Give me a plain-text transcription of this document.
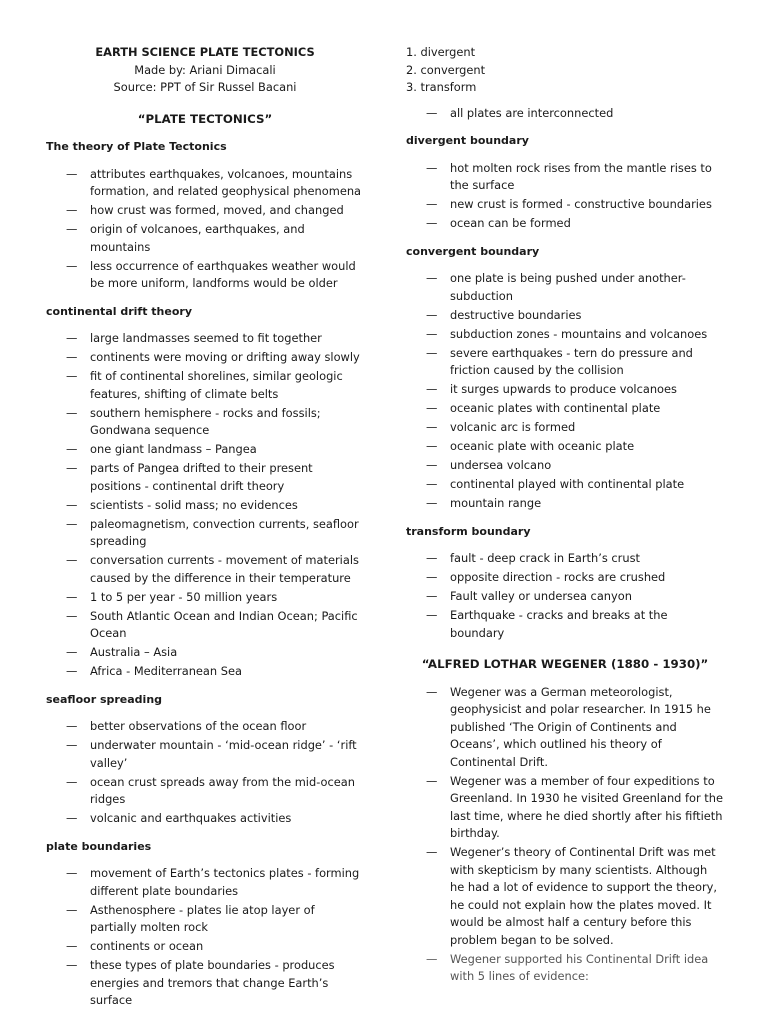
EARTH SCIENCE PLATE TECTONICS
Made by: Ariani Dimacali
Source: PPT of Sir Russel Bacani
“PLATE TECTONICS”
The theory of Plate Tectonics
— attributes earthquakes, volcanoes, mountains formation, and related geophysical phenomena
— how crust was formed, moved, and changed
— origin of volcanoes, earthquakes, and mountains
— less occurrence of earthquakes weather would be more uniform, landforms would be older
continental drift theory
— large landmasses seemed to fit together
— continents were moving or drifting away slowly
— fit of continental shorelines, similar geologic features, shifting of climate belts
— southern hemisphere - rocks and fossils; Gondwana sequence
— one giant landmass – Pangea
— parts of Pangea drifted to their present positions - continental drift theory
— scientists - solid mass; no evidences
— paleomagnetism, convection currents, seafloor spreading
— conversation currents - movement of materials caused by the difference in their temperature
— 1 to 5 per year - 50 million years
— South Atlantic Ocean and Indian Ocean; Pacific Ocean
— Australia – Asia
— Africa - Mediterranean Sea
seafloor spreading
— better observations of the ocean floor
— underwater mountain - ‘mid-ocean ridge’ - ‘rift valley’
— ocean crust spreads away from the mid-ocean ridges
— volcanic and earthquakes activities
plate boundaries
— movement of Earth’s tectonics plates - forming different plate boundaries
— Asthenosphere - plates lie atop layer of partially molten rock
— continents or ocean
— these types of plate boundaries - produces energies and tremors that change Earth’s surface
1. divergent
2. convergent
3. transform
— all plates are interconnected
divergent boundary
— hot molten rock rises from the mantle rises to the surface
— new crust is formed - constructive boundaries
— ocean can be formed
convergent boundary
— one plate is being pushed under another- subduction
— destructive boundaries
— subduction zones - mountains and volcanoes
— severe earthquakes - tern do pressure and friction caused by the collision
— it surges upwards to produce volcanoes
— oceanic plates with continental plate
— volcanic arc is formed
— oceanic plate with oceanic plate
— undersea volcano
— continental played with continental plate
— mountain range
transform boundary
— fault - deep crack in Earth’s crust
— opposite direction - rocks are crushed
— Fault valley or undersea canyon
— Earthquake - cracks and breaks at the boundary
“ALFRED LOTHAR WEGENER (1880 - 1930)”
— Wegener was a German meteorologist, geophysicist and polar researcher. In 1915 he published ‘The Origin of Continents and Oceans’, which outlined his theory of Continental Drift.
— Wegener was a member of four expeditions to Greenland. In 1930 he visited Greenland for the last time, where he died shortly after his fiftieth birthday.
— Wegener’s theory of Continental Drift was met with skepticism by many scientists. Although he had a lot of evidence to support the theory, he could not explain how the plates moved. It would be almost half a century before this problem began to be solved.
— Wegener supported his Continental Drift idea with 5 lines of evidence:
